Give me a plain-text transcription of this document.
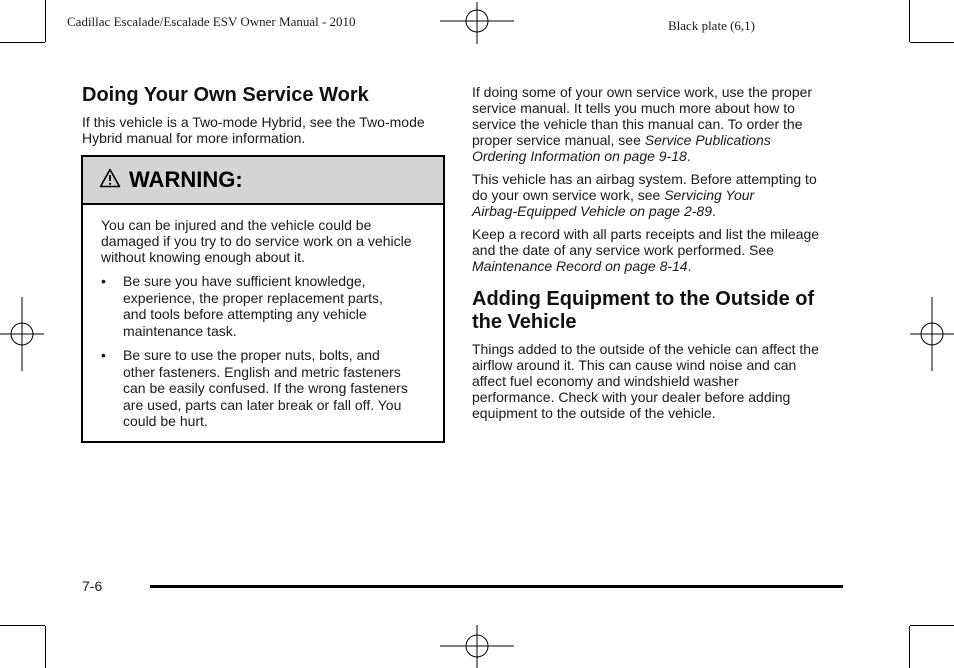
Cadillac Escalade/Escalade ESV Owner Manual - 2010	Black plate (6,1)
Doing Your Own Service Work
If this vehicle is a Two-mode Hybrid, see the Two-mode
Hybrid manual for more information.
WARNING:
You can be injured and the vehicle could be
damaged if you try to do service work on a vehicle
without knowing enough about it.
•	Be sure you have sufficient knowledge,
experience, the proper replacement parts,
and tools before attempting any vehicle
maintenance task.
•	Be sure to use the proper nuts, bolts, and
other fasteners. English and metric fasteners
can be easily confused. If the wrong fasteners
are used, parts can later break or fall off. You
could be hurt.
If doing some of your own service work, use the proper
service manual. It tells you much more about how to
service the vehicle than this manual can. To order the
proper service manual, see Service Publications
Ordering Information on page 9-18.
This vehicle has an airbag system. Before attempting to
do your own service work, see Servicing Your
Airbag-Equipped Vehicle on page 2-89.
Keep a record with all parts receipts and list the mileage
and the date of any service work performed. See
Maintenance Record on page 8-14.
Adding Equipment to the Outside of
the Vehicle
Things added to the outside of the vehicle can affect the
airflow around it. This can cause wind noise and can
affect fuel economy and windshield washer
performance. Check with your dealer before adding
equipment to the outside of the vehicle.
7-6
